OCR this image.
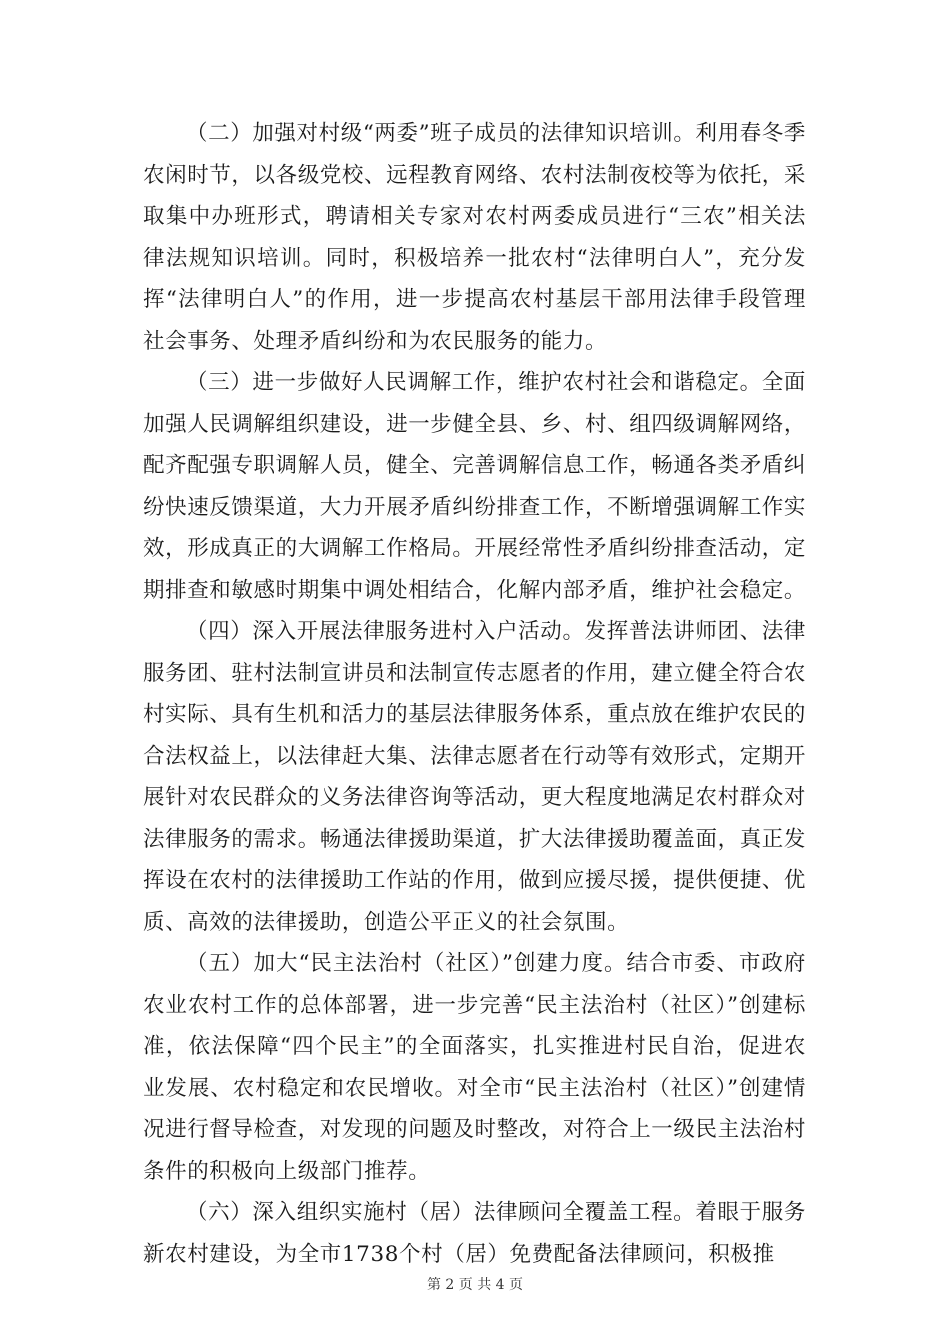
（二）加强对村级“两委”班子成员的法律知识培训。利用春冬季农闲时节，以各级党校、远程教育网络、农村法制夜校等为依托，采取集中办班形式，聘请相关专家对农村两委成员进行“三农”相关法律法规知识培训。同时，积极培养一批农村“法律明白人”，充分发挥“法律明白人”的作用，进一步提高农村基层干部用法律手段管理社会事务、处理矛盾纠纷和为农民服务的能力。

（三）进一步做好人民调解工作，维护农村社会和谐稳定。全面加强人民调解组织建设，进一步健全县、乡、村、组四级调解网络，配齐配强专职调解人员，健全、完善调解信息工作，畅通各类矛盾纠纷快速反馈渠道，大力开展矛盾纠纷排查工作，不断增强调解工作实效，形成真正的大调解工作格局。开展经常性矛盾纠纷排查活动，定期排查和敏感时期集中调处相结合，化解内部矛盾，维护社会稳定。

（四）深入开展法律服务进村入户活动。发挥普法讲师团、法律服务团、驻村法制宣讲员和法制宣传志愿者的作用，建立健全符合农村实际、具有生机和活力的基层法律服务体系，重点放在维护农民的合法权益上，以法律赶大集、法律志愿者在行动等有效形式，定期开展针对农民群众的义务法律咨询等活动，更大程度地满足农村群众对法律服务的需求。畅通法律援助渠道，扩大法律援助覆盖面，真正发挥设在农村的法律援助工作站的作用，做到应援尽援，提供便捷、优质、高效的法律援助，创造公平正义的社会氛围。

（五）加大“民主法治村（社区）”创建力度。结合市委、市政府农业农村工作的总体部署，进一步完善“民主法治村（社区）”创建标准，依法保障“四个民主”的全面落实，扎实推进村民自治，促进农业发展、农村稳定和农民增收。对全市“民主法治村（社区）”创建情况进行督导检查，对发现的问题及时整改，对符合上一级民主法治村条件的积极向上级部门推荐。

（六）深入组织实施村（居）法律顾问全覆盖工程。着眼于服务新农村建设，为全市1738个村（居）免费配备法律顾问，积极推

第 2 页 共 4 页
